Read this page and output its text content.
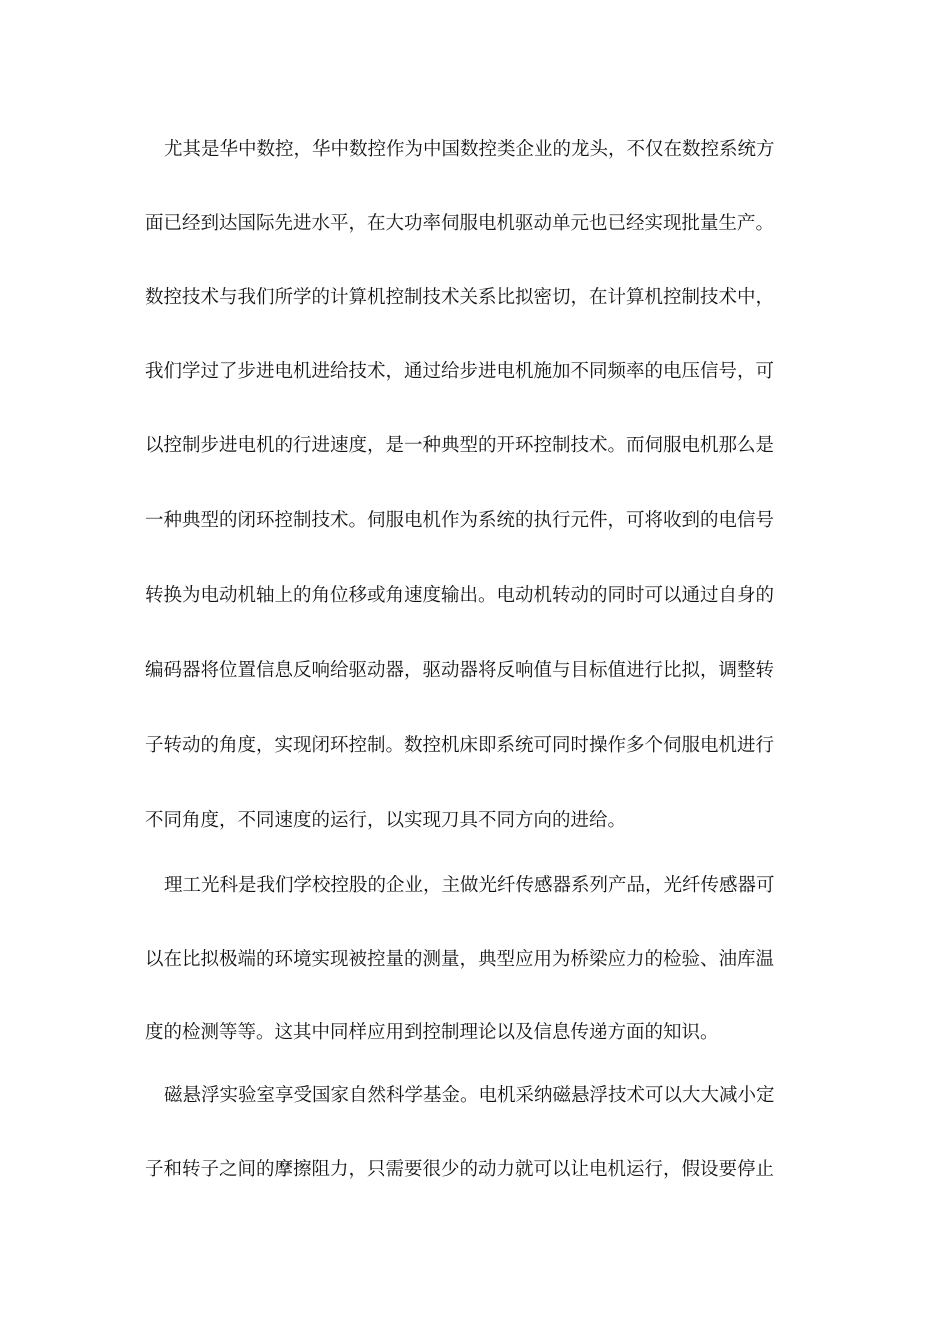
尤其是华中数控，华中数控作为中国数控类企业的龙头，不仅在数控系统方
面已经到达国际先进水平，在大功率伺服电机驱动单元也已经实现批量生产。
数控技术与我们所学的计算机控制技术关系比拟密切，在计算机控制技术中，
我们学过了步进电机进给技术，通过给步进电机施加不同频率的电压信号，可
以控制步进电机的行进速度，是一种典型的开环控制技术。而伺服电机那么是
一种典型的闭环控制技术。伺服电机作为系统的执行元件，可将收到的电信号
转换为电动机轴上的角位移或角速度输出。电动机转动的同时可以通过自身的
编码器将位置信息反响给驱动器，驱动器将反响值与目标值进行比拟，调整转
子转动的角度，实现闭环控制。数控机床即系统可同时操作多个伺服电机进行
不同角度，不同速度的运行，以实现刀具不同方向的进给。
理工光科是我们学校控股的企业，主做光纤传感器系列产品，光纤传感器可
以在比拟极端的环境实现被控量的测量，典型应用为桥梁应力的检验、油库温
度的检测等等。这其中同样应用到控制理论以及信息传递方面的知识。
磁悬浮实验室享受国家自然科学基金。电机采纳磁悬浮技术可以大大减小定
子和转子之间的摩擦阻力，只需要很少的动力就可以让电机运行，假设要停止
